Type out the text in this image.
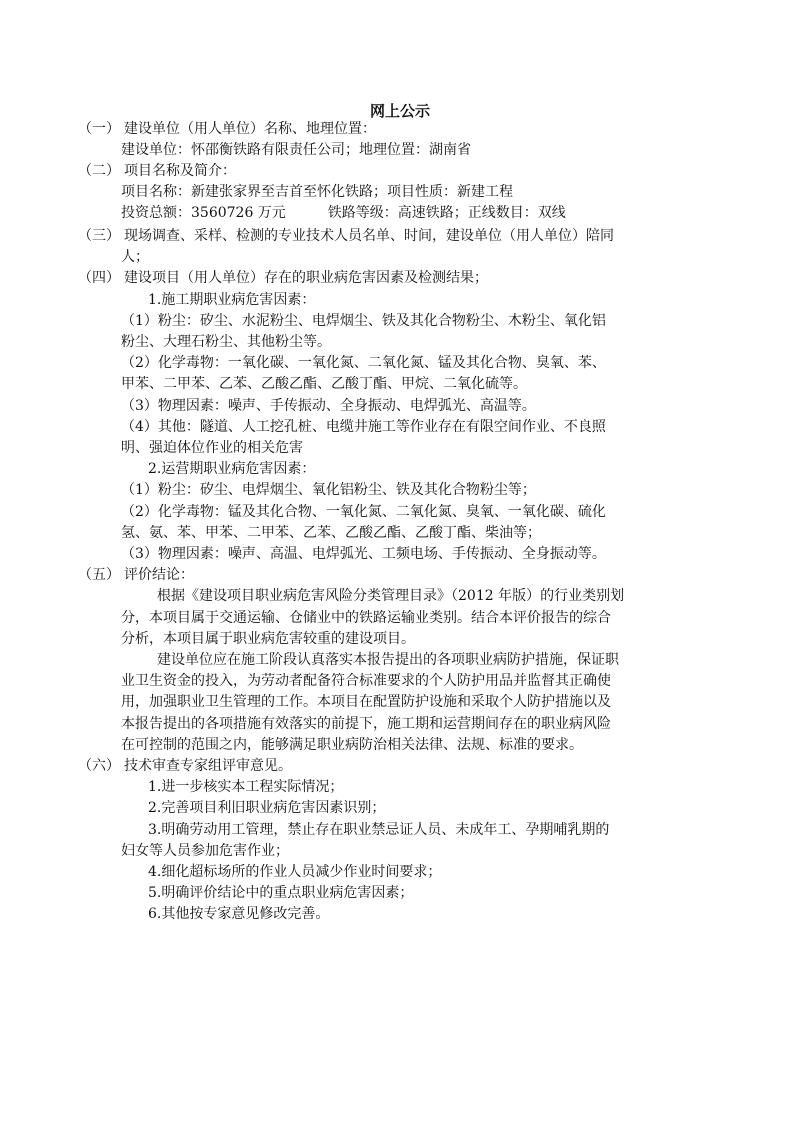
网上公示
（一） 建设单位（用人单位）名称、地理位置：
建设单位：怀邵衡铁路有限责任公司；地理位置：湖南省
（二） 项目名称及简介：
项目名称：新建张家界至吉首至怀化铁路；项目性质：新建工程
投资总额：3560726 万元　　　铁路等级：高速铁路；正线数目：双线
（三） 现场调查、采样、检测的专业技术人员名单、时间，建设单位（用人单位）陪同
人；
（四） 建设项目（用人单位）存在的职业病危害因素及检测结果；
1.施工期职业病危害因素：
（1）粉尘：矽尘、水泥粉尘、电焊烟尘、铁及其化合物粉尘、木粉尘、氧化铝
粉尘、大理石粉尘、其他粉尘等。
（2）化学毒物：一氧化碳、一氧化氮、二氧化氮、锰及其化合物、臭氧、苯、
甲苯、二甲苯、乙苯、乙酸乙酯、乙酸丁酯、甲烷、二氧化硫等。
（3）物理因素：噪声、手传振动、全身振动、电焊弧光、高温等。
（4）其他：隧道、人工挖孔桩、电缆井施工等作业存在有限空间作业、不良照
明、强迫体位作业的相关危害
2.运营期职业病危害因素：
（1）粉尘：矽尘、电焊烟尘、氧化铝粉尘、铁及其化合物粉尘等；
（2）化学毒物：锰及其化合物、一氧化氮、二氧化氮、臭氧、一氧化碳、硫化
氢、氨、苯、甲苯、二甲苯、乙苯、乙酸乙酯、乙酸丁酯、柴油等；
（3）物理因素：噪声、高温、电焊弧光、工频电场、手传振动、全身振动等。
（五） 评价结论：
根据《建设项目职业病危害风险分类管理目录》（2012 年版）的行业类别划
分，本项目属于交通运输、仓储业中的铁路运输业类别。结合本评价报告的综合
分析，本项目属于职业病危害较重的建设项目。
建设单位应在施工阶段认真落实本报告提出的各项职业病防护措施，保证职
业卫生资金的投入，为劳动者配备符合标准要求的个人防护用品并监督其正确使
用，加强职业卫生管理的工作。本项目在配置防护设施和采取个人防护措施以及
本报告提出的各项措施有效落实的前提下，施工期和运营期间存在的职业病风险
在可控制的范围之内，能够满足职业病防治相关法律、法规、标准的要求。
（六） 技术审查专家组评审意见。
1.进一步核实本工程实际情况；
2.完善项目利旧职业病危害因素识别；
3.明确劳动用工管理，禁止存在职业禁忌证人员、未成年工、孕期哺乳期的
妇女等人员参加危害作业；
4.细化超标场所的作业人员减少作业时间要求；
5.明确评价结论中的重点职业病危害因素；
6.其他按专家意见修改完善。
